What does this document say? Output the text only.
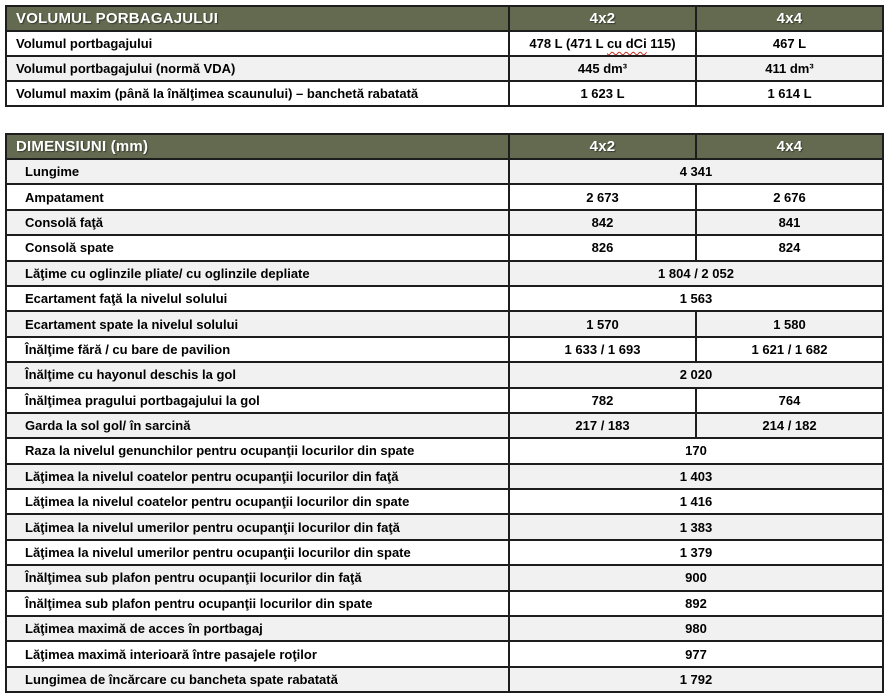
VOLUMUL PORBAGAJULUI	4x2	4x4
Volumul portbagajului	478 L (471 L cu dCi 115)	467 L
Volumul portbagajului (normă VDA)	445 dm³	411 dm³
Volumul maxim (până la înălţimea scaunului) – banchetă rabatată	1 623 L	1 614 L
DIMENSIUNI (mm)	4x2	4x4
Lungime	4 341	
Ampatament	2 673	2 676
Consolă faţă	842	841
Consolă spate	826	824
Lăţime cu oglinzile pliate/ cu oglinzile depliate	1 804 / 2 052	
Ecartament faţă la nivelul solului	1 563	
Ecartament spate la nivelul solului	1 570	1 580
Înălţime fără / cu bare de pavilion	1 633 / 1 693	1 621 / 1 682
Înălţime cu hayonul deschis la gol	2 020	
Înălţimea pragului portbagajului la gol	782	764
Garda la sol gol/ în sarcină	217 / 183	214 / 182
Raza la nivelul genunchilor pentru ocupanţii locurilor din spate	170	
Lăţimea la nivelul coatelor pentru ocupanţii locurilor din faţă	1 403	
Lăţimea la nivelul coatelor pentru ocupanţii locurilor din spate	1 416	
Lăţimea la nivelul umerilor pentru ocupanţii locurilor din faţă	1 383	
Lăţimea la nivelul umerilor pentru ocupanţii locurilor din spate	1 379	
Înălţimea sub plafon pentru ocupanţii locurilor din faţă	900	
Înălţimea sub plafon pentru ocupanţii locurilor din spate	892	
Lăţimea maximă de acces în portbagaj	980	
Lăţimea maximă interioară între pasajele roţilor	977	
Lungimea de încărcare cu bancheta spate rabatată	1 792	
